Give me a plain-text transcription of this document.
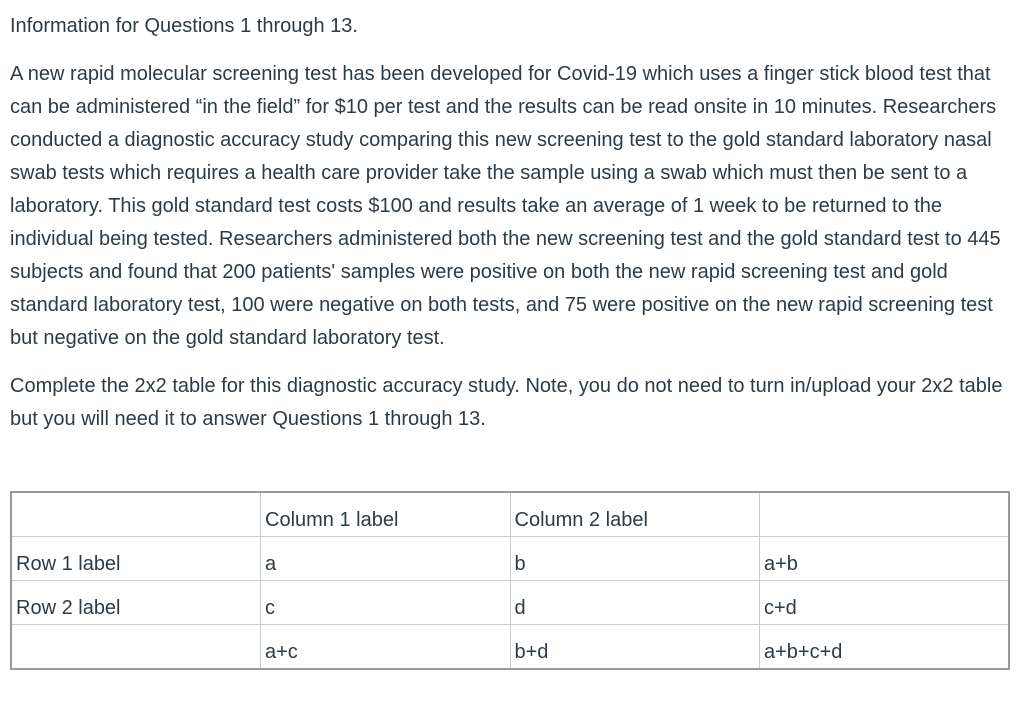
Information for Questions 1 through 13.
A new rapid molecular screening test has been developed for Covid-19 which uses a finger stick blood test that can be administered “in the field” for $10 per test and the results can be read onsite in 10 minutes. Researchers conducted a diagnostic accuracy study comparing this new screening test to the gold standard laboratory nasal swab tests which requires a health care provider take the sample using a swab which must then be sent to a laboratory. This gold standard test costs $100 and results take an average of 1 week to be returned to the individual being tested. Researchers administered both the new screening test and the gold standard test to 445 subjects and found that 200 patients' samples were positive on both the new rapid screening test and gold standard laboratory test, 100 were negative on both tests, and 75 were positive on the new rapid screening test but negative on the gold standard laboratory test.
Complete the 2x2 table for this diagnostic accuracy study. Note, you do not need to turn in/upload your 2x2 table but you will need it to answer Questions 1 through 13.
	Column 1 label	Column 2 label	
Row 1 label	a	b	a+b
Row 2 label	c	d	c+d
	a+c	b+d	a+b+c+d
